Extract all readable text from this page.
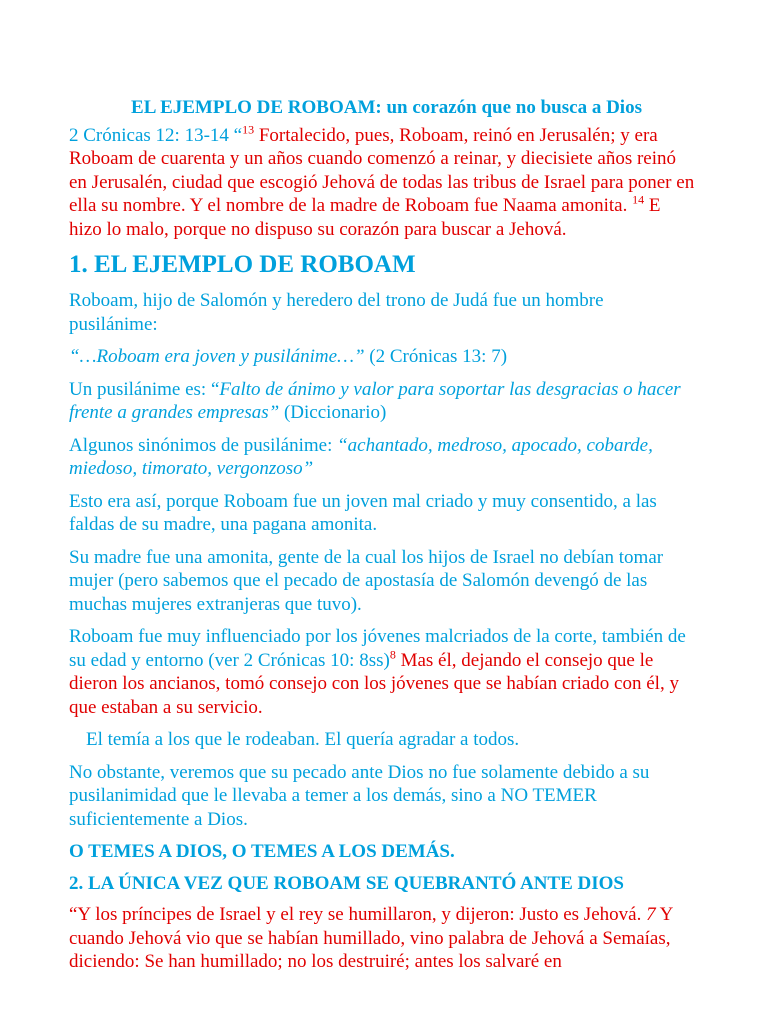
EL EJEMPLO DE ROBOAM: un corazón que no busca a Dios

2 Crónicas 12: 13-14 “$^{13}$ Fortalecido, pues, Roboam, reinó en Jerusalén; y era Roboam de cuarenta y un años cuando comenzó a reinar, y diecisiete años reinó en Jerusalén, ciudad que escogió Jehová de todas las tribus de Israel para poner en ella su nombre. Y el nombre de la madre de Roboam fue Naama amonita. $^{14}$ E hizo lo malo, porque no dispuso su corazón para buscar a Jehová.

1. EL EJEMPLO DE ROBOAM

Roboam, hijo de Salomón y heredero del trono de Judá fue un hombre pusilánime:

“…Roboam era joven y pusilánime…” (2 Crónicas 13: 7)

Un pusilánime es: “Falto de ánimo y valor para soportar las desgracias o hacer frente a grandes empresas” (Diccionario)

Algunos sinónimos de pusilánime: “achantado, medroso, apocado, cobarde, miedoso, timorato, vergonzoso”

Esto era así, porque Roboam fue un joven mal criado y muy consentido, a las faldas de su madre, una pagana amonita.

Su madre fue una amonita, gente de la cual los hijos de Israel no debían tomar mujer (pero sabemos que el pecado de apostasía de Salomón devengó de las muchas mujeres extranjeras que tuvo).

Roboam fue muy influenciado por los jóvenes malcriados de la corte, también de su edad y entorno (ver 2 Crónicas 10: 8ss)$^8$ Mas él, dejando el consejo que le dieron los ancianos, tomó consejo con los jóvenes que se habían criado con él, y que estaban a su servicio.

El temía a los que le rodeaban. El quería agradar a todos.

No obstante, veremos que su pecado ante Dios no fue solamente debido a su pusilanimidad que le llevaba a temer a los demás, sino a NO TEMER suficientemente a Dios.

O TEMES A DIOS, O TEMES A LOS DEMÁS.

2. LA ÚNICA VEZ QUE ROBOAM SE QUEBRANTÓ ANTE DIOS

“Y los príncipes de Israel y el rey se humillaron, y dijeron: Justo es Jehová. 7 Y cuando Jehová vio que se habían humillado, vino palabra de Jehová a Semaías, diciendo: Se han humillado; no los destruiré; antes los salvaré en
